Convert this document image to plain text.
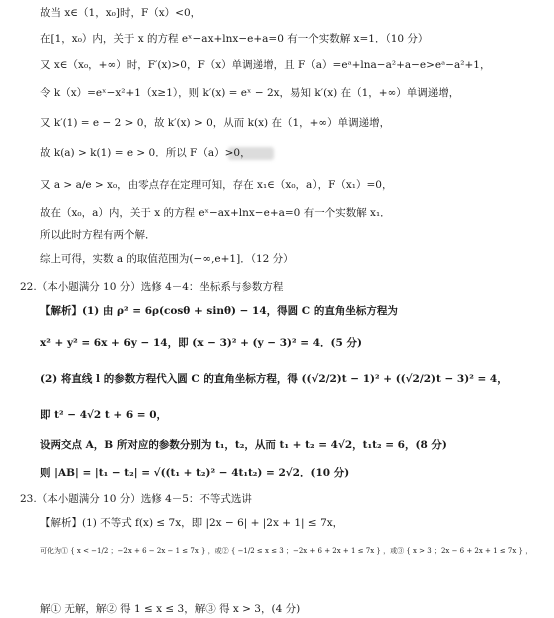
故当 x∈（1，x₀]时，F（x）<0，
在[1，x₀）内，关于 x 的方程 eˣ−ax+lnx−e+a=0 有一个实数解 x=1．（10 分）
又 x∈（x₀，+∞）时，F′(x)>0，F（x）单调递增，且 F（a）=eᵃ+lna−a²+a−e>eᵃ−a²+1，
令 k（x）=eˣ−x²+1（x≥1），则 k′(x) = eˣ − 2x，易知 k′(x) 在（1，+∞）单调递增，
又 k′(1) = e − 2 > 0，故 k′(x) > 0，从而 k(x) 在（1，+∞）单调递增，
故 k(a) > k(1) = e > 0．所以 F（a）>0，
又 a > a/e > x₀，由零点存在定理可知，存在 x₁∈（x₀，a），F（x₁）=0，
故在（x₀，a）内，关于 x 的方程 eˣ−ax+lnx−e+a=0 有一个实数解 x₁．
所以此时方程有两个解．
综上可得，实数 a 的取值范围为(−∞,e+1]．（12 分）
22.（本小题满分 10 分）选修 4－4：坐标系与参数方程
【解析】(1) 由 ρ² = 6ρ(cosθ + sinθ) − 14，得圆 C 的直角坐标方程为
x² + y² = 6x + 6y − 14，即 (x − 3)² + (y − 3)² = 4．(5 分)
(2) 将直线 l 的参数方程代入圆 C 的直角坐标方程，得 ((√2/2)t − 1)² + ((√2/2)t − 3)² = 4，
即 t² − 4√2 t + 6 = 0，
设两交点 A，B 所对应的参数分别为 t₁，t₂，从而 t₁ + t₂ = 4√2，t₁t₂ = 6，(8 分)
则 |AB| = |t₁ − t₂| = √((t₁ + t₂)² − 4t₁t₂) = 2√2．(10 分)
23.（本小题满分 10 分）选修 4－5：不等式选讲
【解析】(1) 不等式 f(x) ≤ 7x，即 |2x − 6| + |2x + 1| ≤ 7x，
可化为① { x < −1/2 ；−2x + 6 − 2x − 1 ≤ 7x } ，或② { −1/2 ≤ x ≤ 3 ；−2x + 6 + 2x + 1 ≤ 7x } ，或③ { x > 3 ；2x − 6 + 2x + 1 ≤ 7x } ，
解① 无解，解② 得 1 ≤ x ≤ 3，解③ 得 x > 3，(4 分)
